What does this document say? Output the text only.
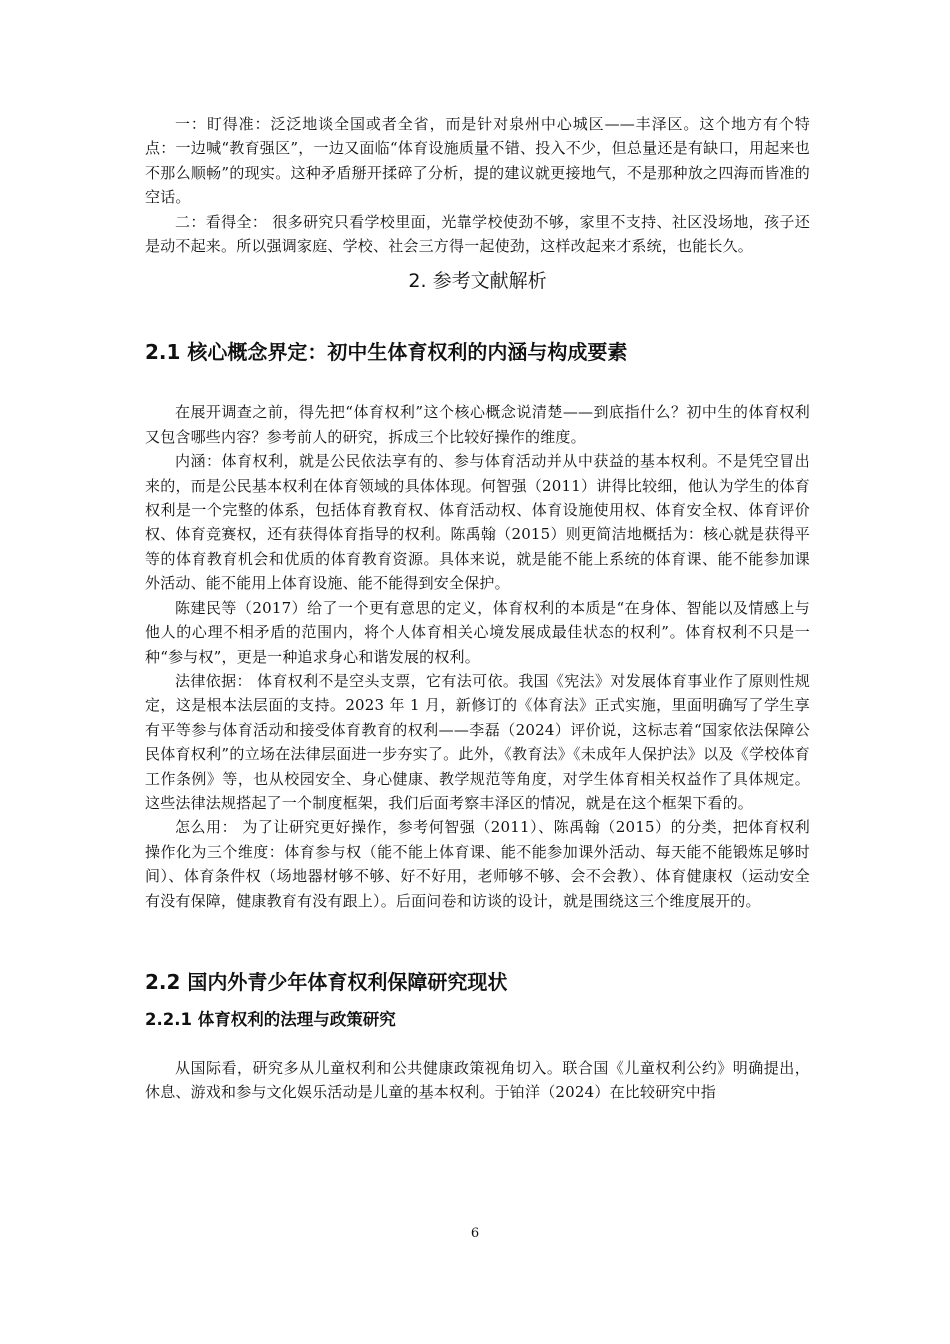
一：盯得准：泛泛地谈全国或者全省，而是针对泉州中心城区——丰泽区。这个地方有个特点：一边喊“教育强区”，一边又面临“体育设施质量不错、投入不少，但总量还是有缺口，用起来也不那么顺畅”的现实。这种矛盾掰开揉碎了分析，提的建议就更接地气，不是那种放之四海而皆准的空话。

二：看得全： 很多研究只看学校里面，光靠学校使劲不够，家里不支持、社区没场地，孩子还是动不起来。所以强调家庭、学校、社会三方得一起使劲，这样改起来才系统，也能长久。

2. 参考文献解析
2.1 核心概念界定：初中生体育权利的内涵与构成要素

在展开调查之前，得先把“体育权利”这个核心概念说清楚——到底指什么？初中生的体育权利又包含哪些内容？参考前人的研究，拆成三个比较好操作的维度。

内涵：体育权利，就是公民依法享有的、参与体育活动并从中获益的基本权利。不是凭空冒出来的，而是公民基本权利在体育领域的具体体现。何智强（2011）讲得比较细，他认为学生的体育权利是一个完整的体系，包括体育教育权、体育活动权、体育设施使用权、体育安全权、体育评价权、体育竞赛权，还有获得体育指导的权利。陈禹翰（2015）则更简洁地概括为：核心就是获得平等的体育教育机会和优质的体育教育资源。具体来说，就是能不能上系统的体育课、能不能参加课外活动、能不能用上体育设施、能不能得到安全保护。

陈建民等（2017）给了一个更有意思的定义，体育权利的本质是“在身体、智能以及情感上与他人的心理不相矛盾的范围内，将个人体育相关心境发展成最佳状态的权利”。体育权利不只是一种“参与权”，更是一种追求身心和谐发展的权利。

法律依据： 体育权利不是空头支票，它有法可依。我国《宪法》对发展体育事业作了原则性规定，这是根本法层面的支持。2023 年 1 月，新修订的《体育法》正式实施，里面明确写了学生享有平等参与体育活动和接受体育教育的权利——李磊（2024）评价说，这标志着“国家依法保障公民体育权利”的立场在法律层面进一步夯实了。此外，《教育法》《未成年人保护法》以及《学校体育工作条例》等，也从校园安全、身心健康、教学规范等角度，对学生体育相关权益作了具体规定。这些法律法规搭起了一个制度框架，我们后面考察丰泽区的情况，就是在这个框架下看的。

怎么用： 为了让研究更好操作，参考何智强（2011）、陈禹翰（2015）的分类，把体育权利操作化为三个维度：体育参与权（能不能上体育课、能不能参加课外活动、每天能不能锻炼足够时间）、体育条件权（场地器材够不够、好不好用，老师够不够、会不会教）、体育健康权（运动安全有没有保障，健康教育有没有跟上）。后面问卷和访谈的设计，就是围绕这三个维度展开的。

2.2 国内外青少年体育权利保障研究现状
2.2.1 体育权利的法理与政策研究

从国际看，研究多从儿童权利和公共健康政策视角切入。联合国《儿童权利公约》明确提出，休息、游戏和参与文化娱乐活动是儿童的基本权利。于铂洋（2024）在比较研究中指

6
